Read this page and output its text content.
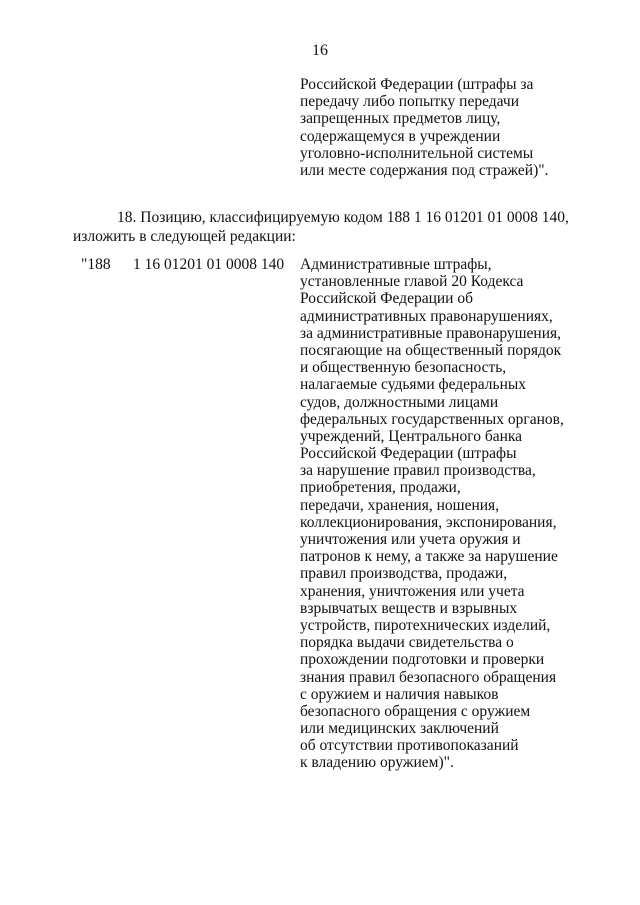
16
Российской Федерации (штрафы за
передачу либо попытку передачи
запрещенных предметов лицу,
содержащемуся в учреждении
уголовно-исполнительной системы
или месте содержания под стражей)".
18. Позицию, классифицируемую кодом 188 1 16 01201 01 0008 140,
изложить в следующей редакции:
"188 1 16 01201 01 0008 140 Административные штрафы,
установленные главой 20 Кодекса
Российской Федерации об
административных правонарушениях,
за административные правонарушения,
посягающие на общественный порядок
и общественную безопасность,
налагаемые судьями федеральных
судов, должностными лицами
федеральных государственных органов,
учреждений, Центрального банка
Российской Федерации (штрафы
за нарушение правил производства,
приобретения, продажи,
передачи, хранения, ношения,
коллекционирования, экспонирования,
уничтожения или учета оружия и
патронов к нему, а также за нарушение
правил производства, продажи,
хранения, уничтожения или учета
взрывчатых веществ и взрывных
устройств, пиротехнических изделий,
порядка выдачи свидетельства о
прохождении подготовки и проверки
знания правил безопасного обращения
с оружием и наличия навыков
безопасного обращения с оружием
или медицинских заключений
об отсутствии противопоказаний
к владению оружием)".
